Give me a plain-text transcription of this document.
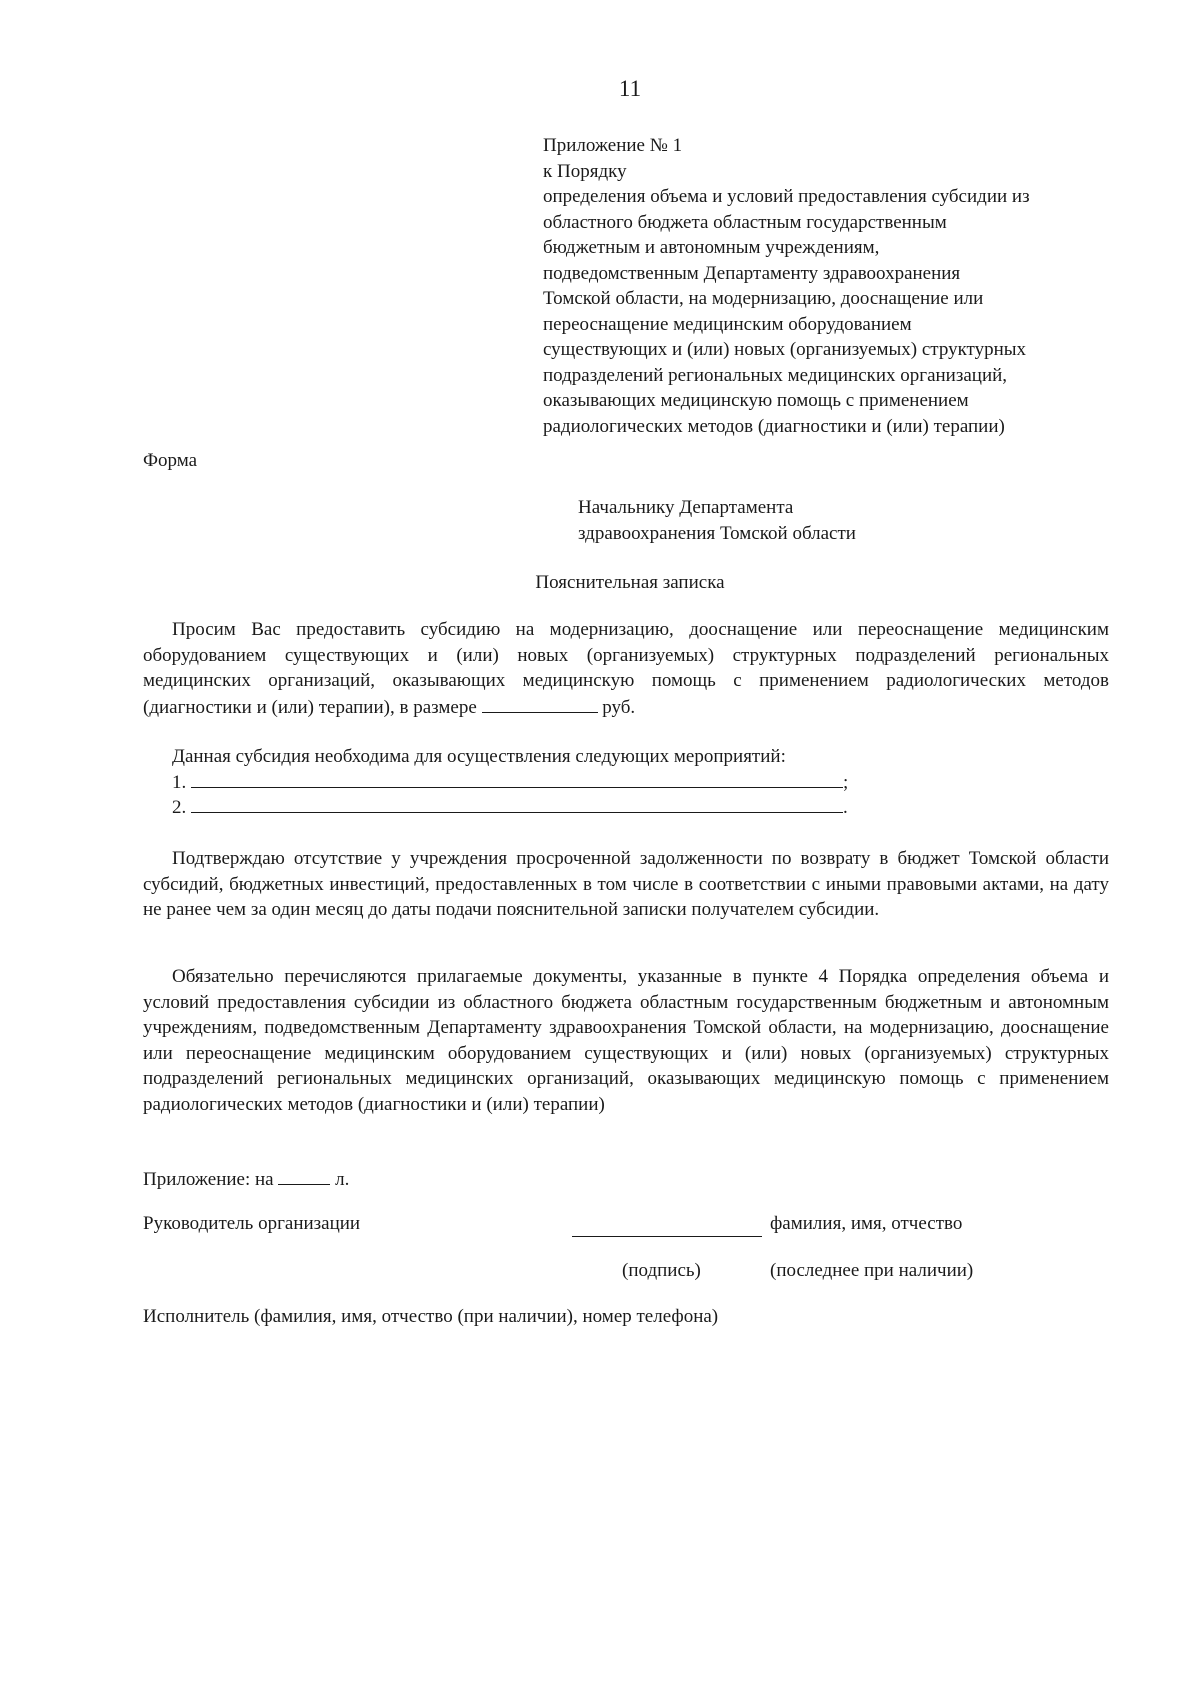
11
Приложение № 1
к Порядку
определения объема и условий предоставления субсидии из
областного бюджета областным государственным
бюджетным и автономным учреждениям,
подведомственным Департаменту здравоохранения
Томской области, на модернизацию, дооснащение или
переоснащение медицинским оборудованием
существующих и (или) новых (организуемых) структурных
подразделений региональных медицинских организаций,
оказывающих медицинскую помощь с применением
радиологических методов (диагностики и (или) терапии)
Форма
Начальнику Департамента
здравоохранения Томской области
Пояснительная записка
Просим Вас предоставить субсидию на модернизацию, дооснащение или переоснащение медицинским оборудованием существующих и (или) новых (организуемых) структурных подразделений региональных медицинских организаций, оказывающих медицинскую помощь с применением радиологических методов (диагностики и (или) терапии), в размере	руб.
Данная субсидия необходима для осуществления следующих мероприятий:
1.	;
2.	.
Подтверждаю отсутствие у учреждения просроченной задолженности по возврату в бюджет Томской области субсидий, бюджетных инвестиций, предоставленных в том числе в соответствии с иными правовыми актами, на дату не ранее чем за один месяц до даты подачи пояснительной записки получателем субсидии.
Обязательно перечисляются прилагаемые документы, указанные в пункте 4 Порядка определения объема и условий предоставления субсидии из областного бюджета областным государственным бюджетным и автономным учреждениям, подведомственным Департаменту здравоохранения Томской области, на модернизацию, дооснащение или переоснащение медицинским оборудованием существующих и (или) новых (организуемых) структурных подразделений региональных медицинских организаций, оказывающих медицинскую помощь с применением радиологических методов (диагностики и (или) терапии)
Приложение: на	л.
Руководитель организации	фамилия, имя, отчество
(подпись)	(последнее при наличии)
Исполнитель (фамилия, имя, отчество (при наличии), номер телефона)
